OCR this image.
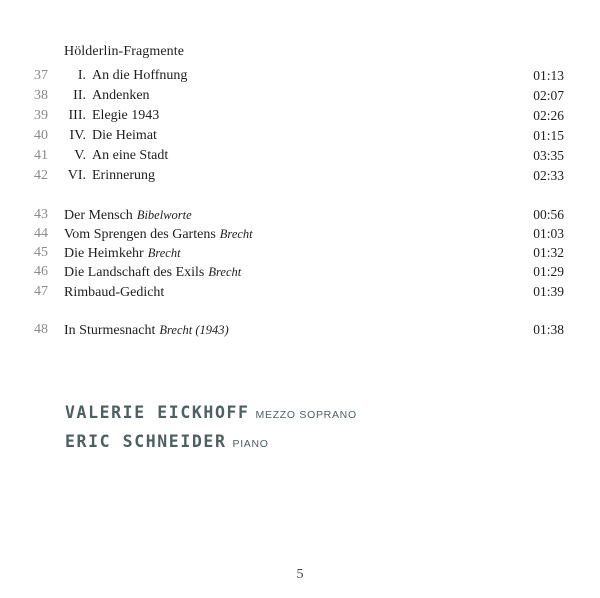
Hölderlin-Fragmente
37	I. An die Hoffnung	01:13
38	II. Andenken	02:07
39	III. Elegie 1943	02:26
40	IV. Die Heimat	01:15
41	V. An eine Stadt	03:35
42	VI. Erinnerung	02:33
43	Der Mensch Bibelworte	00:56
44	Vom Sprengen des Gartens Brecht	01:03
45	Die Heimkehr Brecht	01:32
46	Die Landschaft des Exils Brecht	01:29
47	Rimbaud-Gedicht	01:39
48	In Sturmesnacht Brecht (1943)	01:38
VALERIE EICKHOFF MEZZO SOPRANO
ERIC SCHNEIDER PIANO
5
